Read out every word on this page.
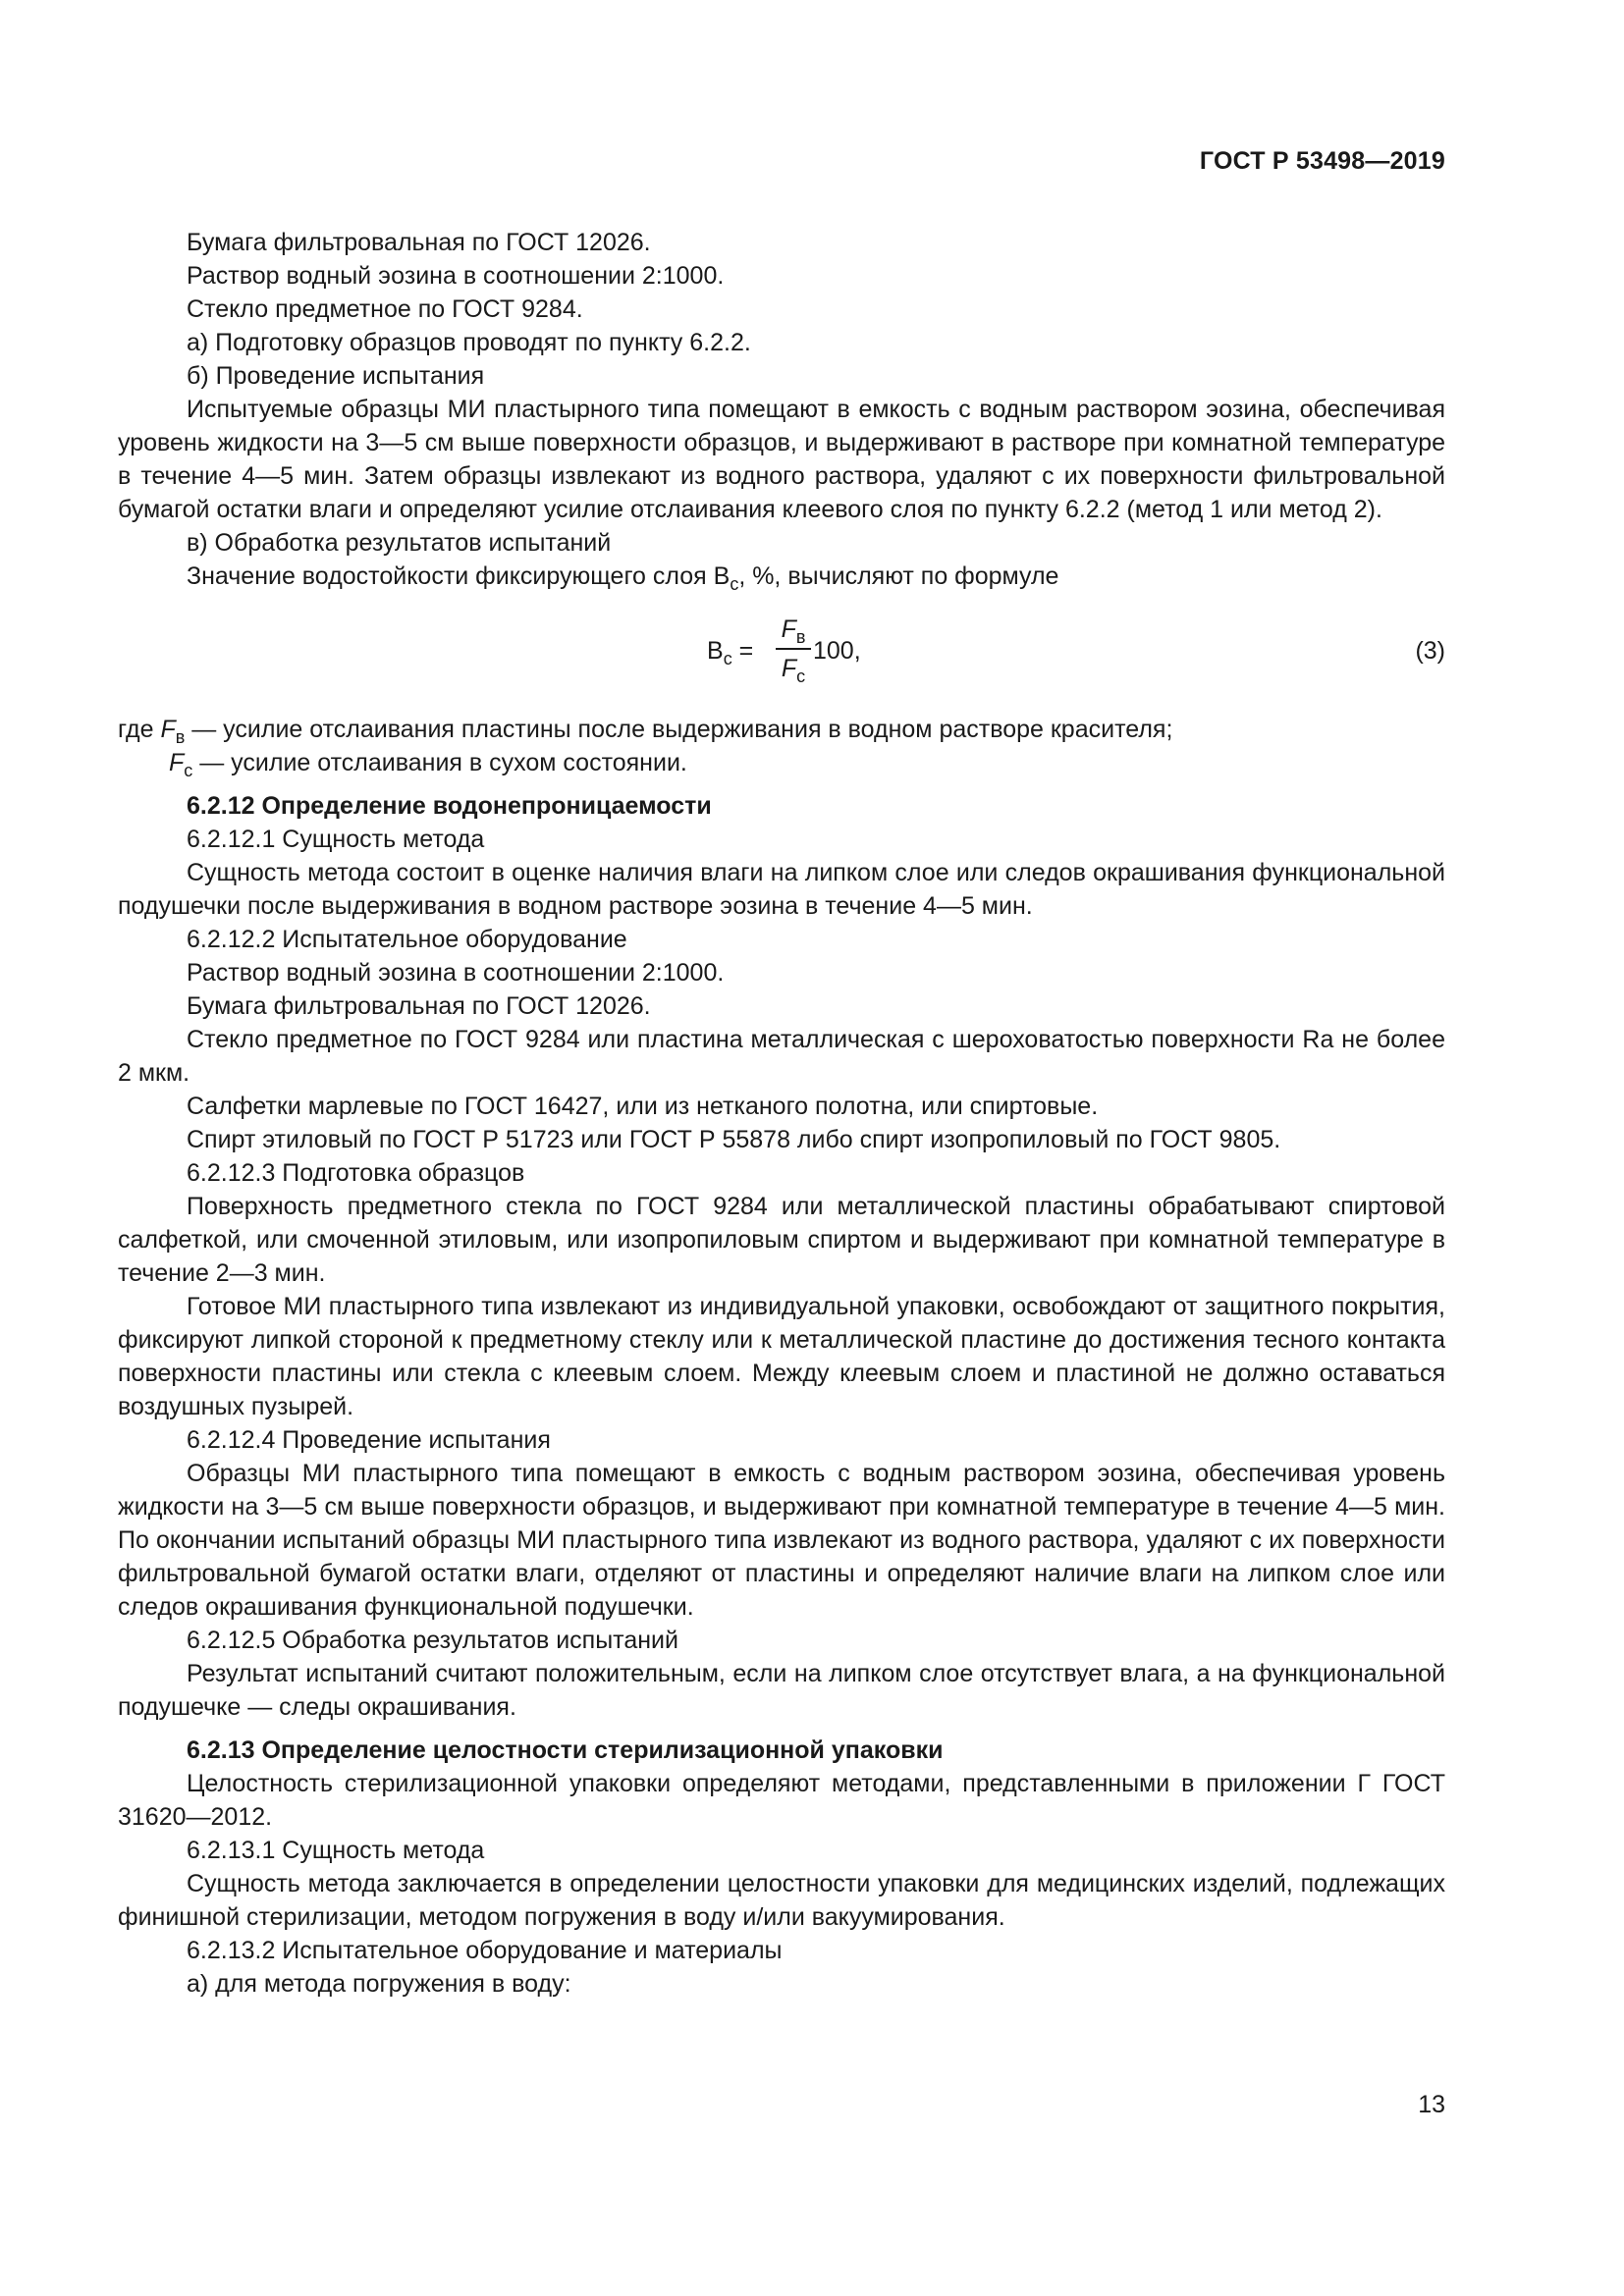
ГОСТ Р 53498—2019

Бумага фильтровальная по ГОСТ 12026.

Раствор водный эозина в соотношении 2:1000.

Стекло предметное по ГОСТ 9284.

а) Подготовку образцов проводят по пункту 6.2.2.

б) Проведение испытания

Испытуемые образцы МИ пластырного типа помещают в емкость с водным раствором эозина, обеспечивая уровень жидкости на 3—5 см выше поверхности образцов, и выдерживают в растворе при комнатной температуре в течение 4—5 мин. Затем образцы извлекают из водного раствора, удаляют с их поверхности фильтровальной бумагой остатки влаги и определяют усилие отслаивания клеевого слоя по пункту 6.2.2 (метод 1 или метод 2).

в) Обработка результатов испытаний

Значение водостойкости фиксирующего слоя $В_с$, %, вычисляют по формуле

$В_с$ =
$F_в$
$F_с$
100,	(3)

где $F_в$ — усилие отслаивания пластины после выдерживания в водном растворе красителя;

$F_с$ — усилие отслаивания в сухом состоянии.

6.2.12 Определение водонепроницаемости

6.2.12.1 Сущность метода

Сущность метода состоит в оценке наличия влаги на липком слое или следов окрашивания функциональной подушечки после выдерживания в водном растворе эозина в течение 4—5 мин.

6.2.12.2 Испытательное оборудование

Раствор водный эозина в соотношении 2:1000.

Бумага фильтровальная по ГОСТ 12026.

Стекло предметное по ГОСТ 9284 или пластина металлическая с шероховатостью поверхности Ra не более 2 мкм.

Салфетки марлевые по ГОСТ 16427, или из нетканого полотна, или спиртовые.

Спирт этиловый по ГОСТ Р 51723 или ГОСТ Р 55878 либо спирт изопропиловый по ГОСТ 9805.

6.2.12.3 Подготовка образцов

Поверхность предметного стекла по ГОСТ 9284 или металлической пластины обрабатывают спиртовой салфеткой, или смоченной этиловым, или изопропиловым спиртом и выдерживают при комнатной температуре в течение 2—3 мин.

Готовое МИ пластырного типа извлекают из индивидуальной упаковки, освобождают от защитного покрытия, фиксируют липкой стороной к предметному стеклу или к металлической пластине до достижения тесного контакта поверхности пластины или стекла с клеевым слоем. Между клеевым слоем и пластиной не должно оставаться воздушных пузырей.

6.2.12.4 Проведение испытания

Образцы МИ пластырного типа помещают в емкость с водным раствором эозина, обеспечивая уровень жидкости на 3—5 см выше поверхности образцов, и выдерживают при комнатной температуре в течение 4—5 мин. По окончании испытаний образцы МИ пластырного типа извлекают из водного раствора, удаляют с их поверхности фильтровальной бумагой остатки влаги, отделяют от пластины и определяют наличие влаги на липком слое или следов окрашивания функциональной подушечки.

6.2.12.5 Обработка результатов испытаний

Результат испытаний считают положительным, если на липком слое отсутствует влага, а на функциональной подушечке — следы окрашивания.

6.2.13 Определение целостности стерилизационной упаковки

Целостность стерилизационной упаковки определяют методами, представленными в приложении Г ГОСТ 31620—2012.

6.2.13.1 Сущность метода

Сущность метода заключается в определении целостности упаковки для медицинских изделий, подлежащих финишной стерилизации, методом погружения в воду и/или вакуумирования.

6.2.13.2 Испытательное оборудование и материалы

а) для метода погружения в воду:

13
